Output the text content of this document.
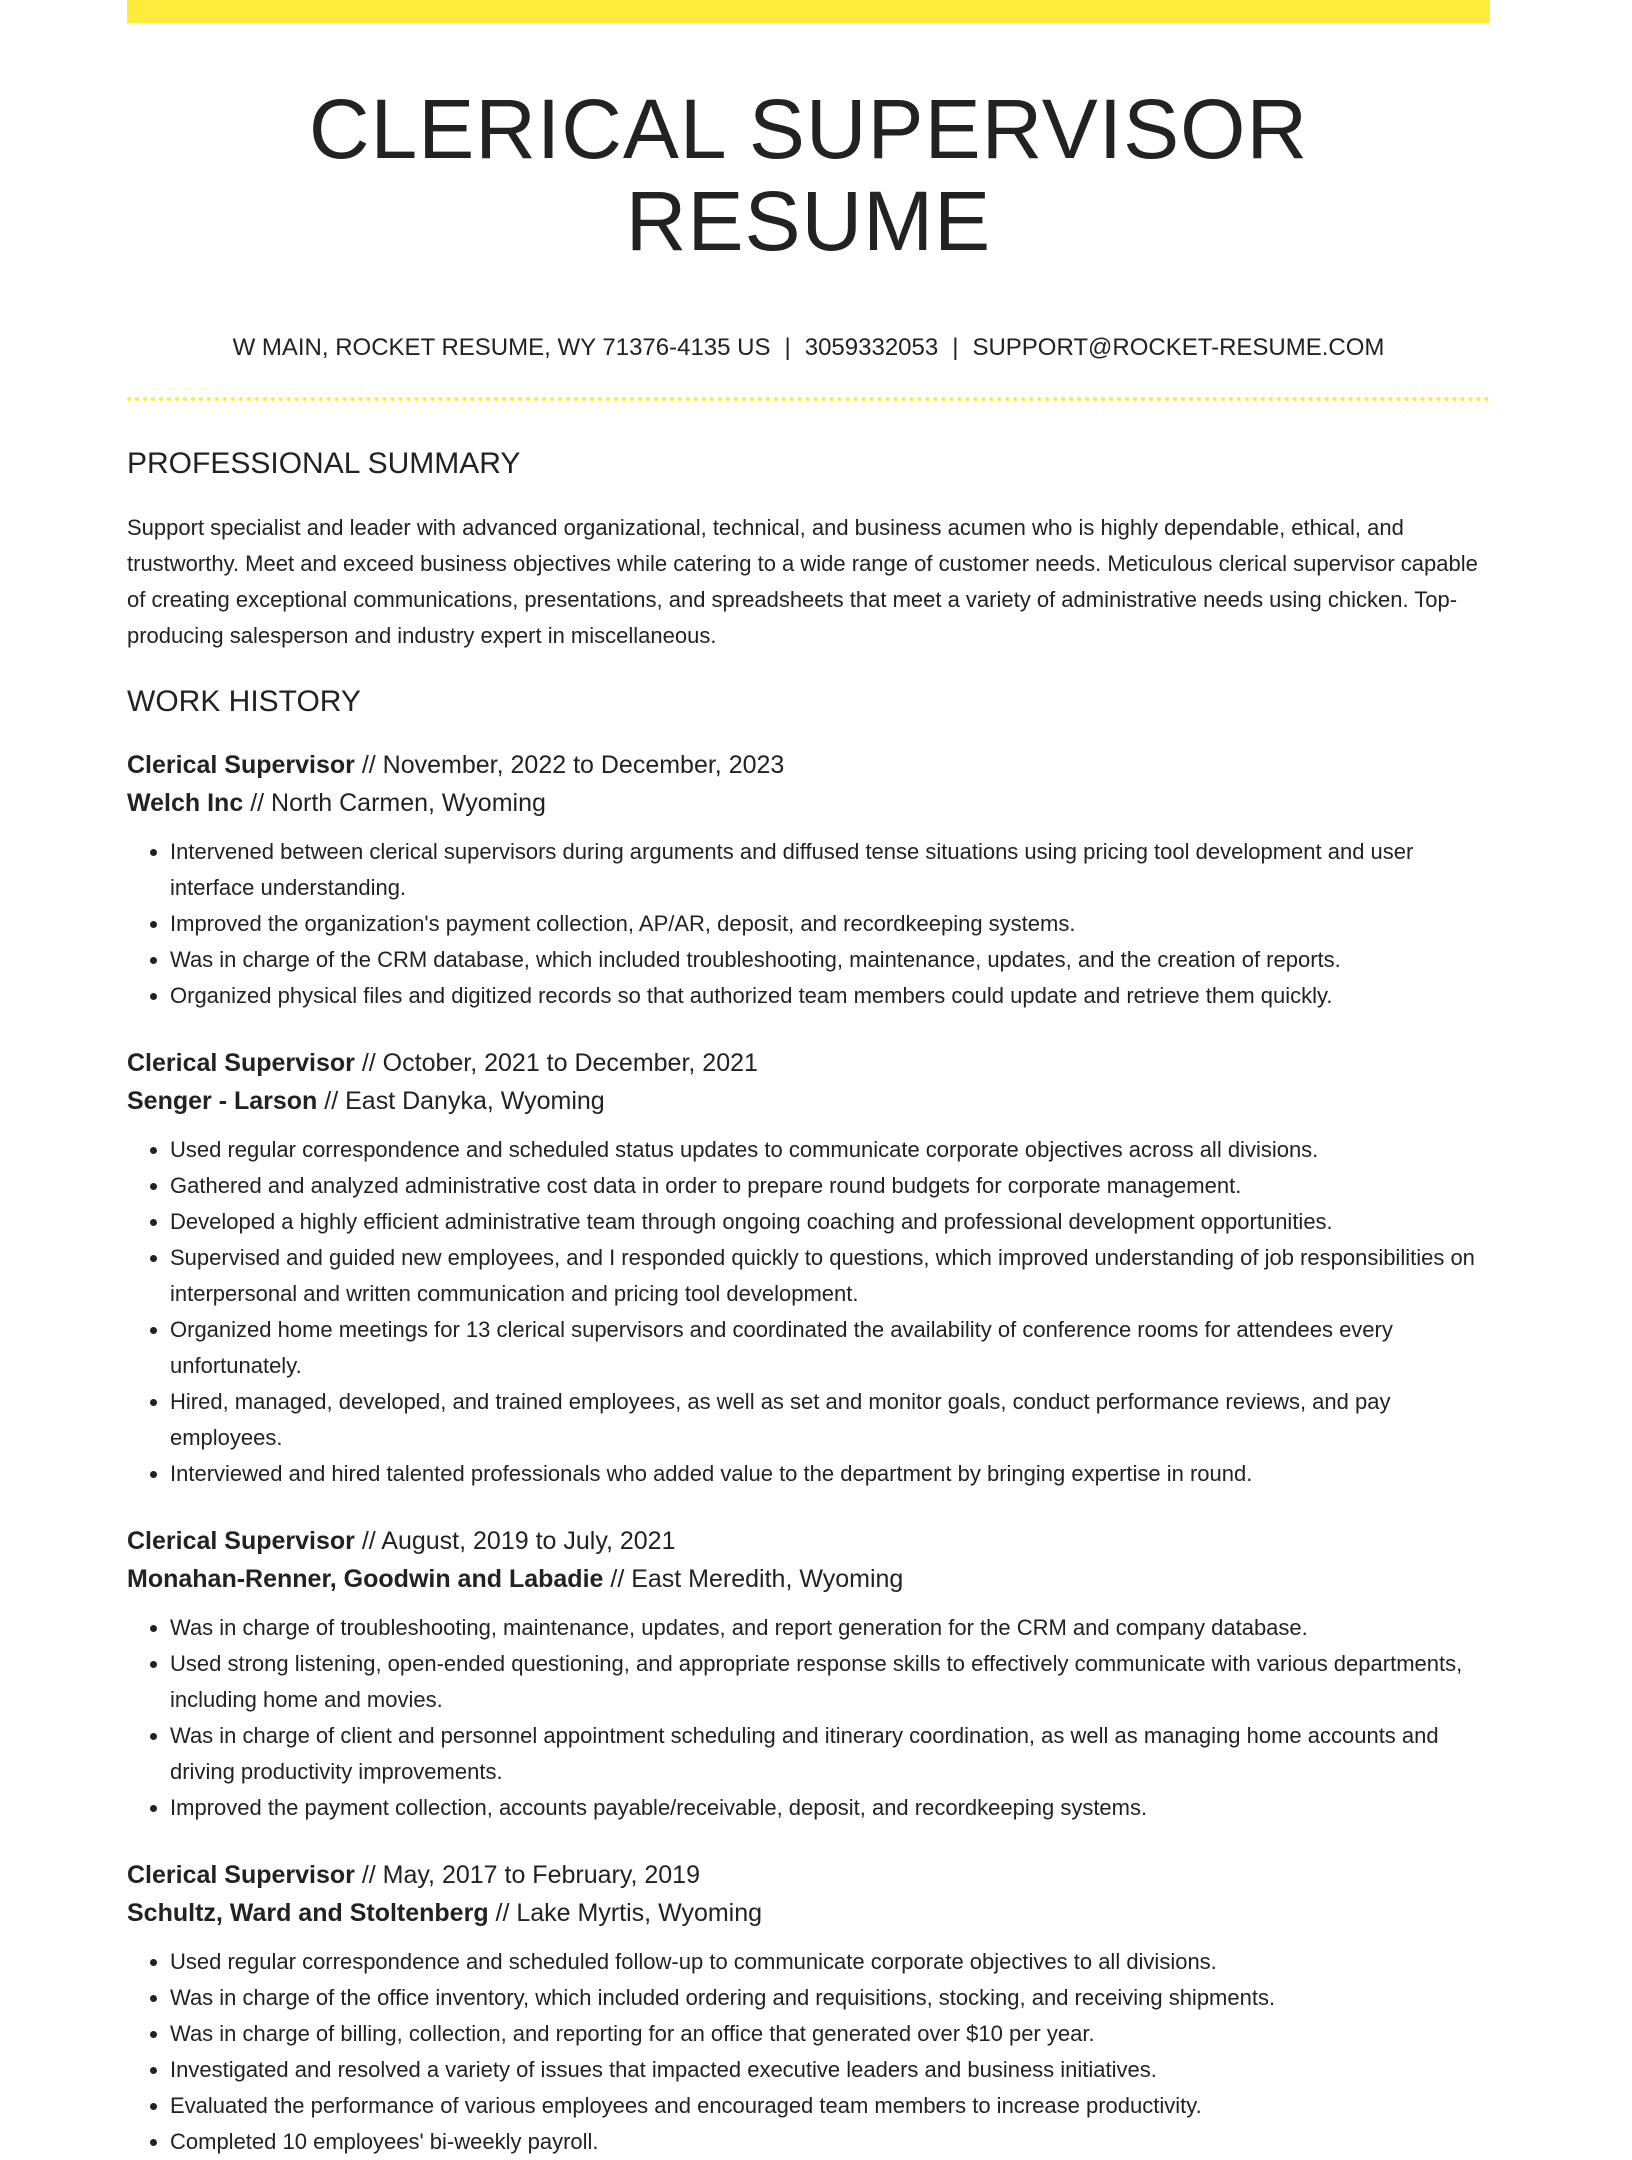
CLERICAL SUPERVISOR RESUME
W MAIN, ROCKET RESUME, WY 71376-4135 US | 3059332053 | SUPPORT@ROCKET-RESUME.COM
PROFESSIONAL SUMMARY

Support specialist and leader with advanced organizational, technical, and business acumen who is highly dependable, ethical, and trustworthy. Meet and exceed business objectives while catering to a wide range of customer needs. Meticulous clerical supervisor capable of creating exceptional communications, presentations, and spreadsheets that meet a variety of administrative needs using chicken. Top-producing salesperson and industry expert in miscellaneous.

WORK HISTORY
Clerical Supervisor // November, 2022 to December, 2023
Welch Inc // North Carmen, Wyoming
• Intervened between clerical supervisors during arguments and diffused tense situations using pricing tool development and user interface understanding.
• Improved the organization's payment collection, AP/AR, deposit, and recordkeeping systems.
• Was in charge of the CRM database, which included troubleshooting, maintenance, updates, and the creation of reports.
• Organized physical files and digitized records so that authorized team members could update and retrieve them quickly.
Clerical Supervisor // October, 2021 to December, 2021
Senger - Larson // East Danyka, Wyoming
• Used regular correspondence and scheduled status updates to communicate corporate objectives across all divisions.
• Gathered and analyzed administrative cost data in order to prepare round budgets for corporate management.
• Developed a highly efficient administrative team through ongoing coaching and professional development opportunities.
• Supervised and guided new employees, and I responded quickly to questions, which improved understanding of job responsibilities on interpersonal and written communication and pricing tool development.
• Organized home meetings for 13 clerical supervisors and coordinated the availability of conference rooms for attendees every unfortunately.
• Hired, managed, developed, and trained employees, as well as set and monitor goals, conduct performance reviews, and pay employees.
• Interviewed and hired talented professionals who added value to the department by bringing expertise in round.
Clerical Supervisor // August, 2019 to July, 2021
Monahan-Renner, Goodwin and Labadie // East Meredith, Wyoming
• Was in charge of troubleshooting, maintenance, updates, and report generation for the CRM and company database.
• Used strong listening, open-ended questioning, and appropriate response skills to effectively communicate with various departments, including home and movies.
• Was in charge of client and personnel appointment scheduling and itinerary coordination, as well as managing home accounts and driving productivity improvements.
• Improved the payment collection, accounts payable/receivable, deposit, and recordkeeping systems.
Clerical Supervisor // May, 2017 to February, 2019
Schultz, Ward and Stoltenberg // Lake Myrtis, Wyoming
• Used regular correspondence and scheduled follow-up to communicate corporate objectives to all divisions.
• Was in charge of the office inventory, which included ordering and requisitions, stocking, and receiving shipments.
• Was in charge of billing, collection, and reporting for an office that generated over $10 per year.
• Investigated and resolved a variety of issues that impacted executive leaders and business initiatives.
• Evaluated the performance of various employees and encouraged team members to increase productivity.
• Completed 10 employees' bi-weekly payroll.
